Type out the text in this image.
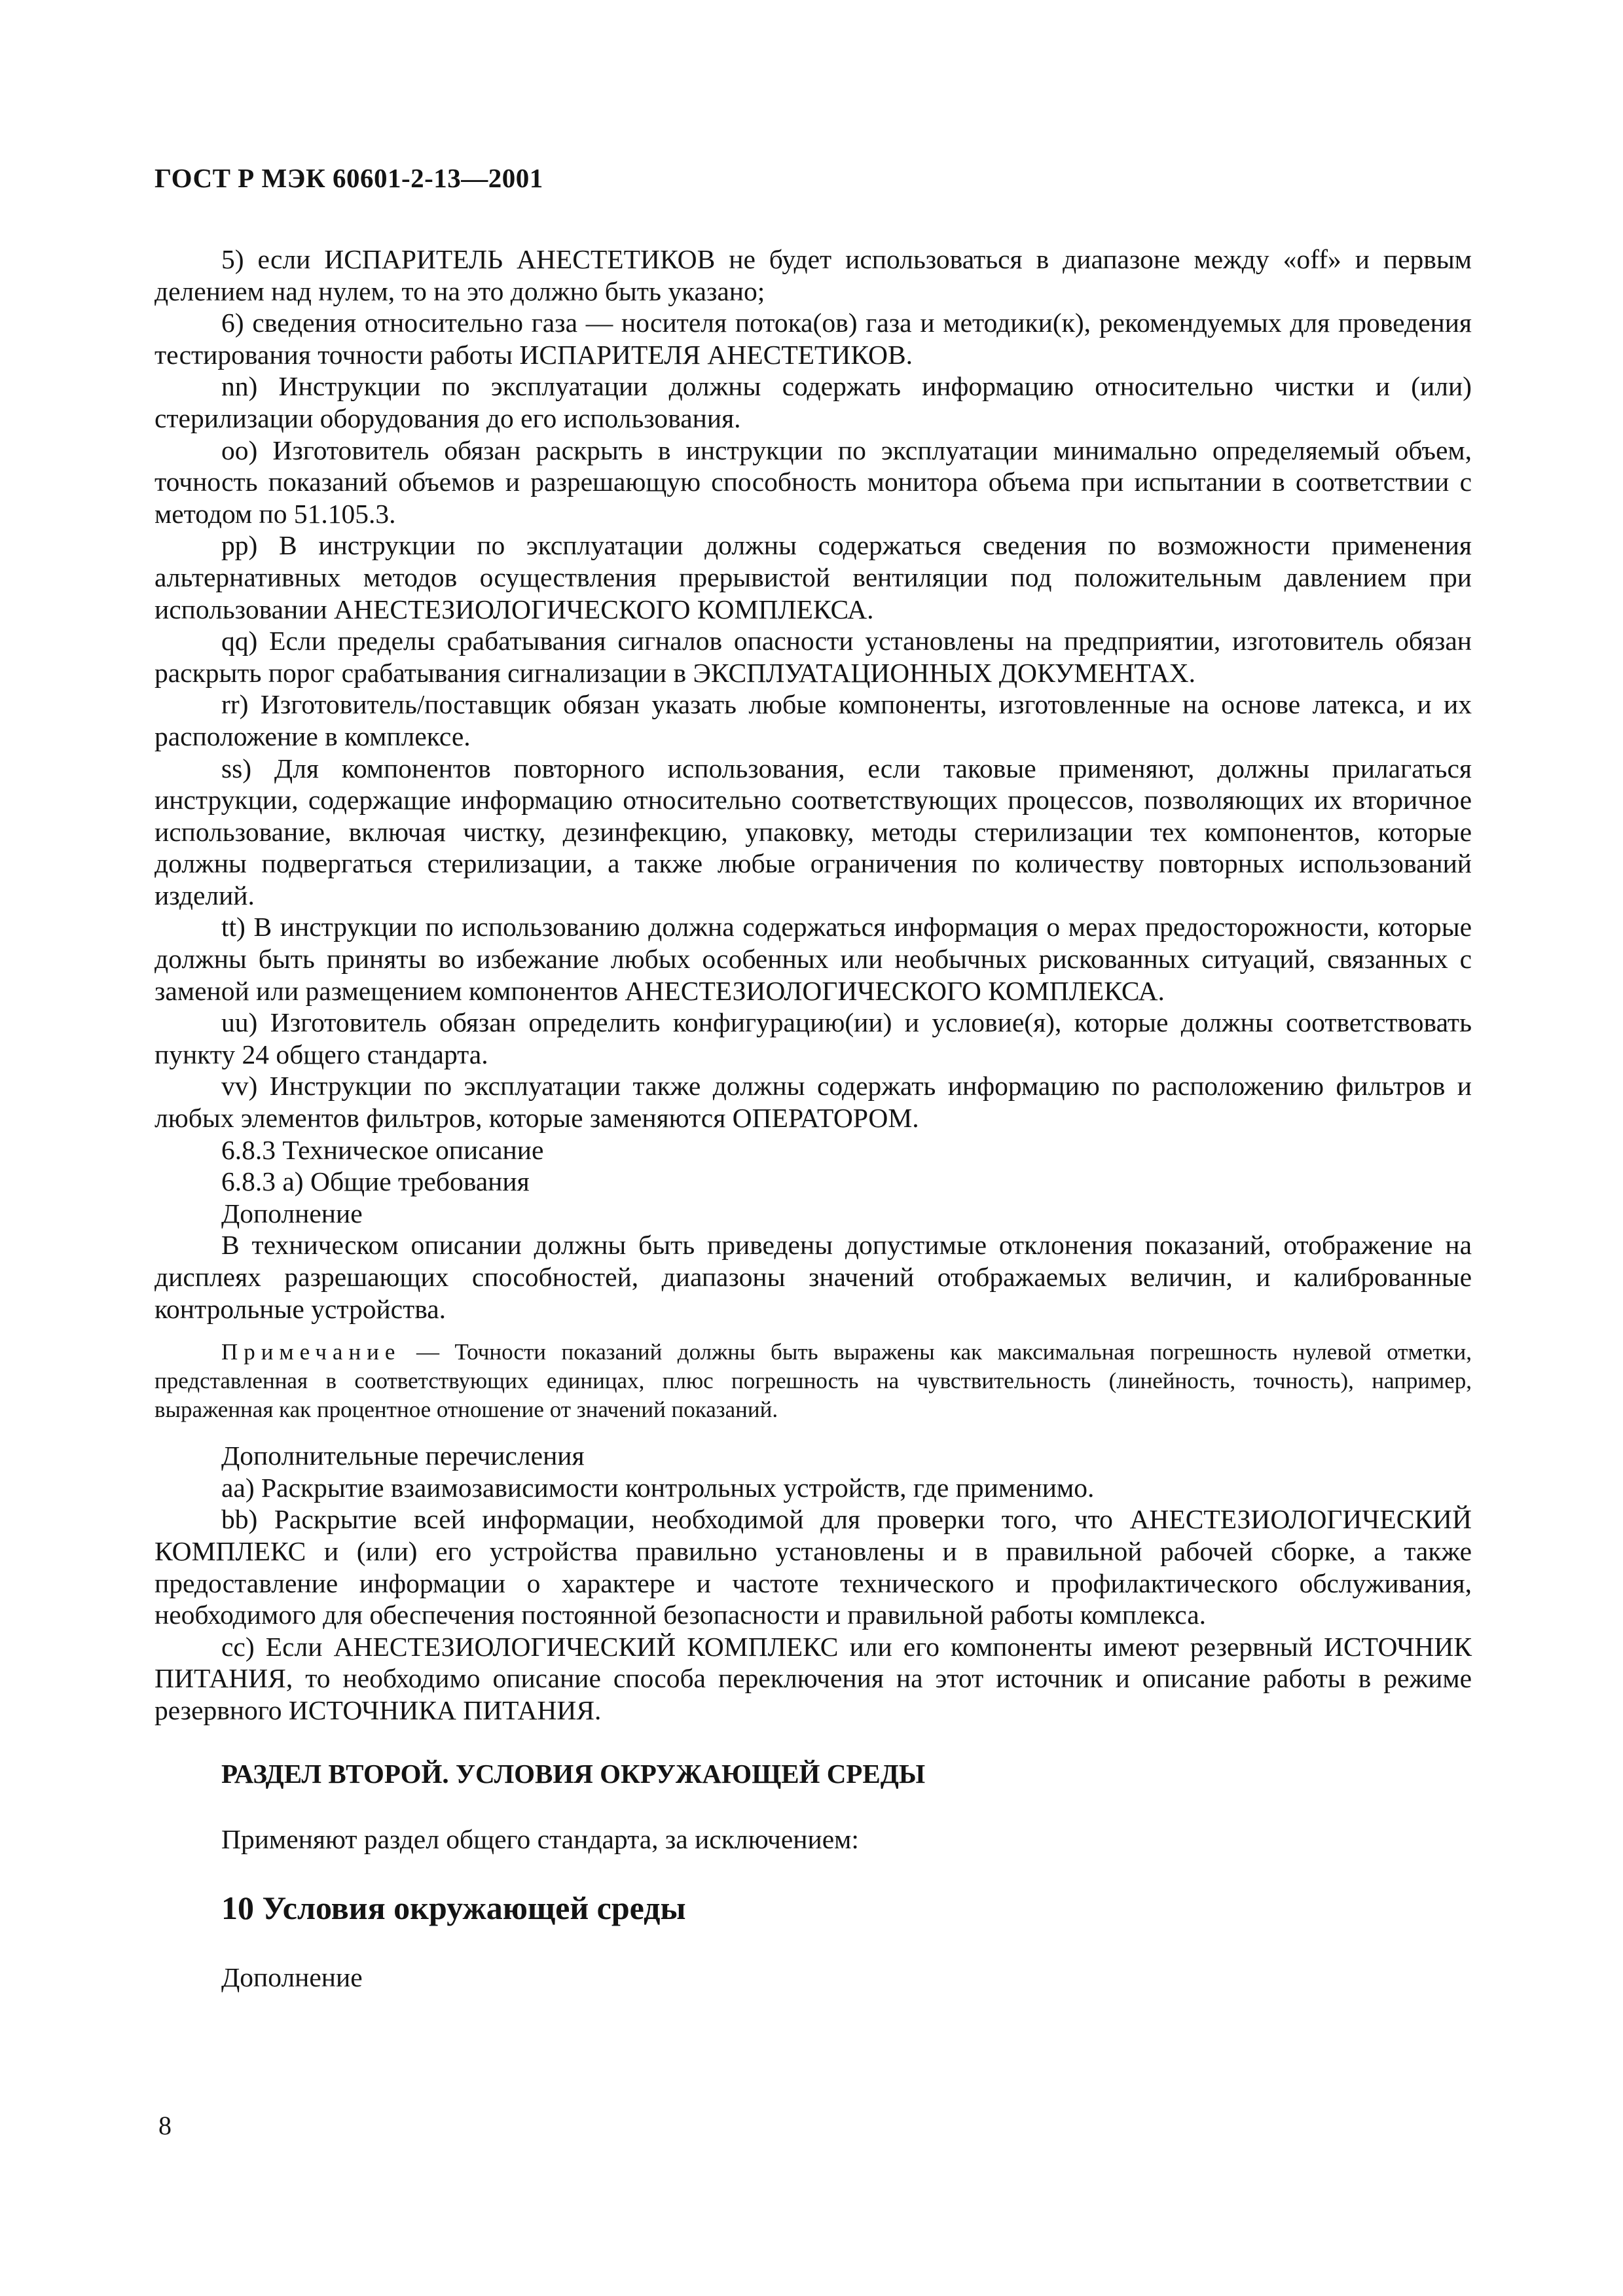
ГОСТ Р МЭК 60601-2-13—2001

5) если ИСПАРИТЕЛЬ АНЕСТЕТИКОВ не будет использоваться в диапазоне между «off» и первым делением над нулем, то на это должно быть указано;

6) сведения относительно газа — носителя потока(ов) газа и методики(к), рекомендуемых для проведения тестирования точности работы ИСПАРИТЕЛЯ АНЕСТЕТИКОВ.

nn) Инструкции по эксплуатации должны содержать информацию относительно чистки и (или) стерилизации оборудования до его использования.

oo) Изготовитель обязан раскрыть в инструкции по эксплуатации минимально определяемый объем, точность показаний объемов и разрешающую способность монитора объема при испытании в соответствии с методом по 51.105.3.

pp) В инструкции по эксплуатации должны содержаться сведения по возможности применения альтернативных методов осуществления прерывистой вентиляции под положительным давлением при использовании АНЕСТЕЗИОЛОГИЧЕСКОГО КОМПЛЕКСА.

qq) Если пределы срабатывания сигналов опасности установлены на предприятии, изготовитель обязан раскрыть порог срабатывания сигнализации в ЭКСПЛУАТАЦИОННЫХ ДОКУМЕНТАХ.

rr) Изготовитель/поставщик обязан указать любые компоненты, изготовленные на основе латекса, и их расположение в комплексе.

ss) Для компонентов повторного использования, если таковые применяют, должны прилагаться инструкции, содержащие информацию относительно соответствующих процессов, позволяющих их вторичное использование, включая чистку, дезинфекцию, упаковку, методы стерилизации тех компонентов, которые должны подвергаться стерилизации, а также любые ограничения по количеству повторных использований изделий.

tt) В инструкции по использованию должна содержаться информация о мерах предосторожности, которые должны быть приняты во избежание любых особенных или необычных рискованных ситуаций, связанных с заменой или размещением компонентов АНЕСТЕЗИОЛОГИЧЕСКОГО КОМПЛЕКСА.

uu) Изготовитель обязан определить конфигурацию(ии) и условие(я), которые должны соответствовать пункту 24 общего стандарта.

vv) Инструкции по эксплуатации также должны содержать информацию по расположению фильтров и любых элементов фильтров, которые заменяются ОПЕРАТОРОМ.

6.8.3 Техническое описание

6.8.3 a) Общие требования

Дополнение

В техническом описании должны быть приведены допустимые отклонения показаний, отображение на дисплеях разрешающих способностей, диапазоны значений отображаемых величин, и калиброванные контрольные устройства.

Примечание — Точности показаний должны быть выражены как максимальная погрешность нулевой отметки, представленная в соответствующих единицах, плюс погрешность на чувствительность (линейность, точность), например, выраженная как процентное отношение от значений показаний.

Дополнительные перечисления

aa) Раскрытие взаимозависимости контрольных устройств, где применимо.

bb) Раскрытие всей информации, необходимой для проверки того, что АНЕСТЕЗИОЛОГИЧЕСКИЙ КОМПЛЕКС и (или) его устройства правильно установлены и в правильной рабочей сборке, а также предоставление информации о характере и частоте технического и профилактического обслуживания, необходимого для обеспечения постоянной безопасности и правильной работы комплекса.

cc) Если АНЕСТЕЗИОЛОГИЧЕСКИЙ КОМПЛЕКС или его компоненты имеют резервный ИСТОЧНИК ПИТАНИЯ, то необходимо описание способа переключения на этот источник и описание работы в режиме резервного ИСТОЧНИКА ПИТАНИЯ.

РАЗДЕЛ ВТОРОЙ. УСЛОВИЯ ОКРУЖАЮЩЕЙ СРЕДЫ

Применяют раздел общего стандарта, за исключением:

10 Условия окружающей среды

Дополнение

8
